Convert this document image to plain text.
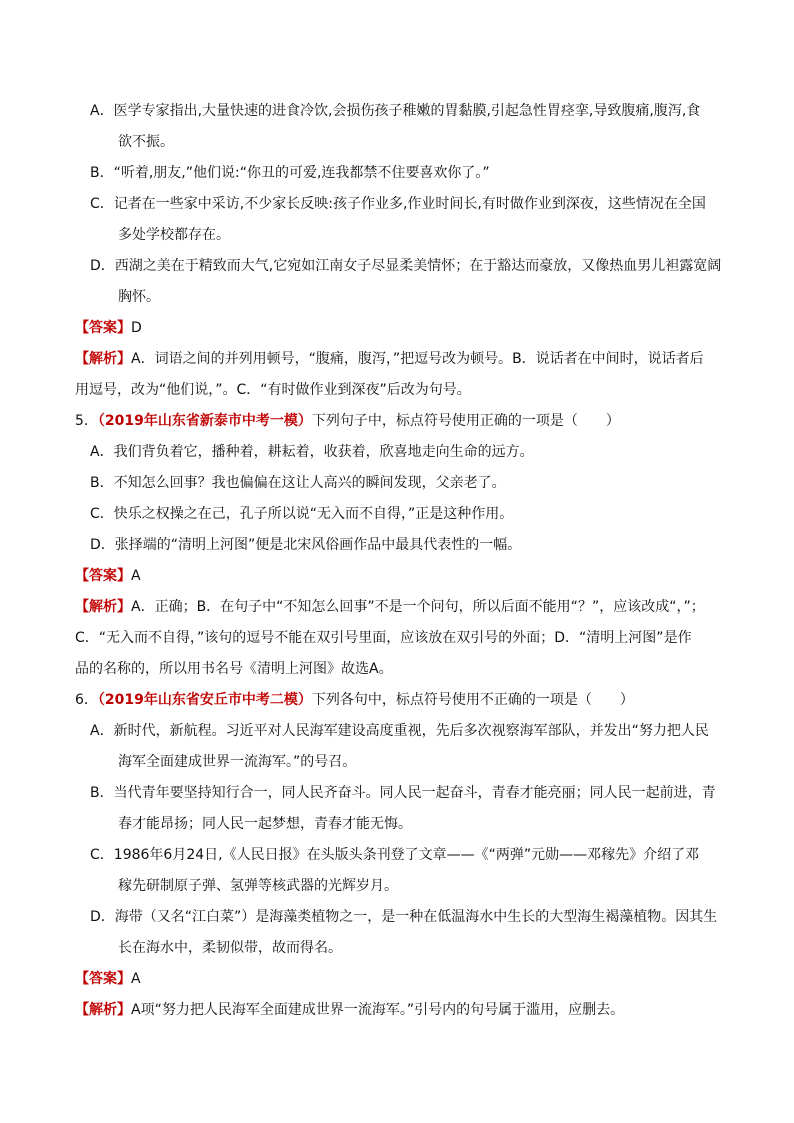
A．医学专家指出,大量快速的进食冷饮,会损伤孩子稚嫩的胃黏膜,引起急性胃痉挛,导致腹痛,腹泻,食
欲不振。
B．“听着,朋友,”他们说:“你丑的可爱,连我都禁不住要喜欢你了。”
C．记者在一些家中采访,不少家长反映:孩子作业多,作业时间长,有时做作业到深夜，这些情况在全国
多处学校都存在。
D．西湖之美在于精致而大气,它宛如江南女子尽显柔美情怀；在于豁达而豪放，又像热血男儿袒露宽阔
胸怀。
【答案】D
【解析】A．词语之间的并列用顿号，“腹痛，腹泻，”把逗号改为顿号。B．说话者在中间时，说话者后
用逗号，改为“他们说，”。C．“有时做作业到深夜”后改为句号。
5．（2019年山东省新泰市中考一模）下列句子中，标点符号使用正确的一项是（　　）
A．我们背负着它，播种着，耕耘着，收获着，欣喜地走向生命的远方。
B．不知怎么回事？我也偏偏在这让人高兴的瞬间发现，父亲老了。
C．快乐之权操之在己，孔子所以说“无入而不自得，”正是这种作用。
D．张择端的“清明上河图”便是北宋风俗画作品中最具代表性的一幅。
【答案】A
【解析】A．正确；B．在句子中“不知怎么回事”不是一个问句，所以后面不能用“？”，应该改成“，”；
C．“无入而不自得，”该句的逗号不能在双引号里面，应该放在双引号的外面；D．“清明上河图”是作
品的名称的，所以用书名号《清明上河图》故选A。
6．（2019年山东省安丘市中考二模）下列各句中，标点符号使用不正确的一项是（　　）
A．新时代，新航程。习近平对人民海军建设高度重视，先后多次视察海军部队，并发出“努力把人民
海军全面建成世界一流海军。”的号召。
B．当代青年要坚持知行合一，同人民齐奋斗。同人民一起奋斗，青春才能亮丽；同人民一起前进，青
春才能昂扬；同人民一起梦想，青春才能无悔。
C．1986年6月24日,《人民日报》在头版头条刊登了文章——《“两弹”元勋——邓稼先》介绍了邓
稼先研制原子弹、氢弹等核武器的光辉岁月。
D．海带（又名“江白菜”）是海藻类植物之一，是一种在低温海水中生长的大型海生褐藻植物。因其生
长在海水中，柔韧似带，故而得名。
【答案】A
【解析】A项“努力把人民海军全面建成世界一流海军。”引号内的句号属于滥用，应删去。
